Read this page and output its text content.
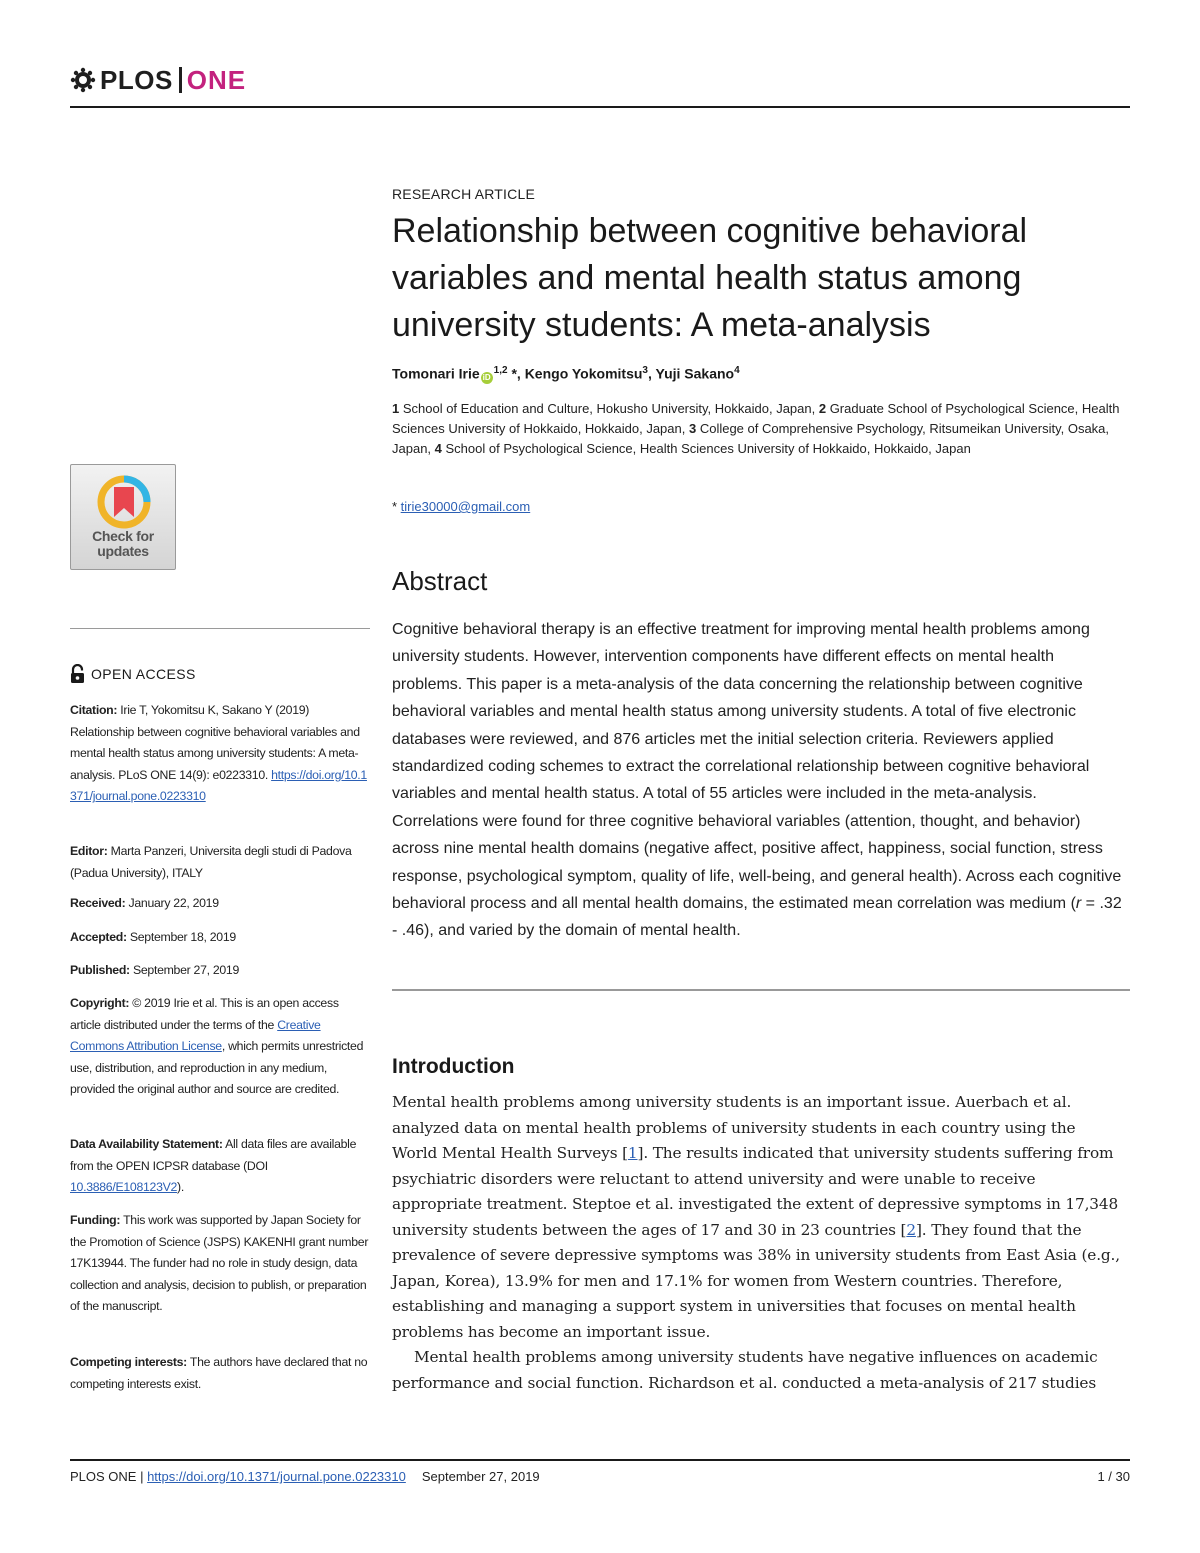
PLOS ONE
Check for updates
OPEN ACCESS
Citation: Irie T, Yokomitsu K, Sakano Y (2019) Relationship between cognitive behavioral variables and mental health status among university students: A meta-analysis. PLoS ONE 14(9): e0223310. https://doi.org/10.1371/journal.pone.0223310
Editor: Marta Panzeri, Universita degli studi di Padova (Padua University), ITALY
Received: January 22, 2019
Accepted: September 18, 2019
Published: September 27, 2019
Copyright: © 2019 Irie et al. This is an open access article distributed under the terms of the Creative Commons Attribution License, which permits unrestricted use, distribution, and reproduction in any medium, provided the original author and source are credited.
Data Availability Statement: All data files are available from the OPEN ICPSR database (DOI 10.3886/E108123V2).
Funding: This work was supported by Japan Society for the Promotion of Science (JSPS) KAKENHI grant number 17K13944. The funder had no role in study design, data collection and analysis, decision to publish, or preparation of the manuscript.
Competing interests: The authors have declared that no competing interests exist.
RESEARCH ARTICLE
Relationship between cognitive behavioral variables and mental health status among university students: A meta-analysis
Tomonari Irie iD$^{1,2}$ *, Kengo Yokomitsu$^3$, Yuji Sakano$^4$
1 School of Education and Culture, Hokusho University, Hokkaido, Japan, 2 Graduate School of Psychological Science, Health Sciences University of Hokkaido, Hokkaido, Japan, 3 College of Comprehensive Psychology, Ritsumeikan University, Osaka, Japan, 4 School of Psychological Science, Health Sciences University of Hokkaido, Hokkaido, Japan
* tirie30000@gmail.com
Abstract
Cognitive behavioral therapy is an effective treatment for improving mental health problems among university students. However, intervention components have different effects on mental health problems. This paper is a meta-analysis of the data concerning the relationship between cognitive behavioral variables and mental health status among university students. A total of five electronic databases were reviewed, and 876 articles met the initial selection criteria. Reviewers applied standardized coding schemes to extract the correlational relationship between cognitive behavioral variables and mental health status. A total of 55 articles were included in the meta-analysis. Correlations were found for three cognitive behavioral variables (attention, thought, and behavior) across nine mental health domains (negative affect, positive affect, happiness, social function, stress response, psychological symptom, quality of life, well-being, and general health). Across each cognitive behavioral process and all mental health domains, the estimated mean correlation was medium (r = .32 - .46), and varied by the domain of mental health.
Introduction

Mental health problems among university students is an important issue. Auerbach et al. analyzed data on mental health problems of university students in each country using the World Mental Health Surveys [1]. The results indicated that university students suffering from psychiatric disorders were reluctant to attend university and were unable to receive appropriate treatment. Steptoe et al. investigated the extent of depressive symptoms in 17,348 university students between the ages of 17 and 30 in 23 countries [2]. They found that the prevalence of severe depressive symptoms was 38% in university students from East Asia (e.g., Japan, Korea), 13.9% for men and 17.1% for women from Western countries. Therefore, establishing and managing a support system in universities that focuses on mental health problems has become an important issue.

Mental health problems among university students have negative influences on academic performance and social function. Richardson et al. conducted a meta-analysis of 217 studies

PLOS ONE | https://doi.org/10.1371/journal.pone.0223310 September 27, 2019	1 / 30
